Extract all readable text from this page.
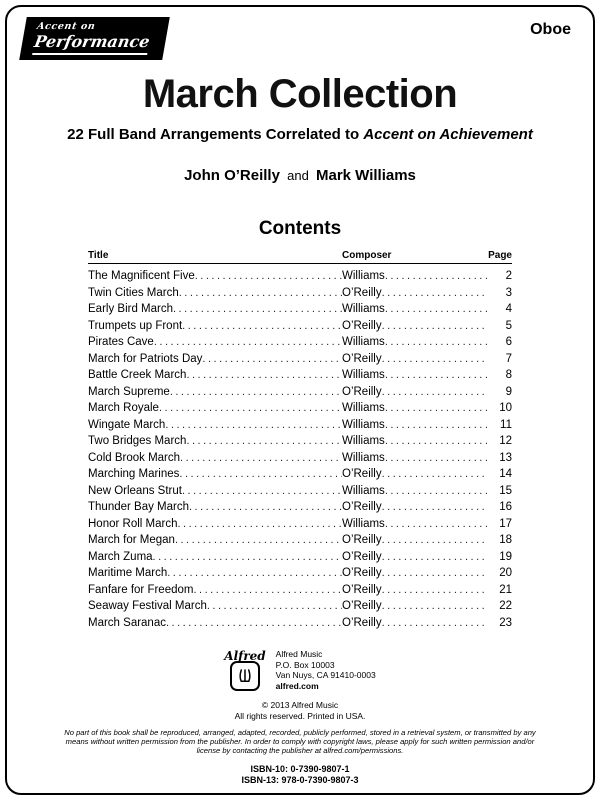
Accent on
Performance
Oboe
March Collection
22 Full Band Arrangements Correlated to Accent on Achievement
John O’Reilly and Mark Williams
Contents
Title	Composer	Page
The Magnificent Five .....	Williams .....	2
Twin Cities March .....	O’Reilly .....	3
Early Bird March .....	Williams .....	4
Trumpets up Front .....	O’Reilly .....	5
Pirates Cave .....	Williams .....	6
March for Patriots Day .....	O’Reilly .....	7
Battle Creek March .....	Williams .....	8
March Supreme .....	O’Reilly .....	9
March Royale .....	Williams .....	10
Wingate March .....	Williams .....	11
Two Bridges March .....	Williams .....	12
Cold Brook March .....	Williams .....	13
Marching Marines .....	O’Reilly .....	14
New Orleans Strut .....	Williams .....	15
Thunder Bay March .....	O’Reilly .....	16
Honor Roll March .....	Williams .....	17
March for Megan .....	O’Reilly .....	18
March Zuma .....	O’Reilly .....	19
Maritime March .....	O’Reilly .....	20
Fanfare for Freedom .....	O’Reilly .....	21
Seaway Festival March .....	O’Reilly .....	22
March Saranac .....	O’Reilly .....	23
Alfred Alfred Music
P.O. Box 10003
Van Nuys, CA 91410-0003
alfred.com
© 2013 Alfred Music
All rights reserved. Printed in USA.
No part of this book shall be reproduced, arranged, adapted, recorded, publicly performed, stored in a retrieval system, or transmitted by any means without written permission from the publisher. In order to comply with copyright laws, please apply for such written permission and/or license by contacting the publisher at alfred.com/permissions.
ISBN-10: 0-7390-9807-1
ISBN-13: 978-0-7390-9807-3
